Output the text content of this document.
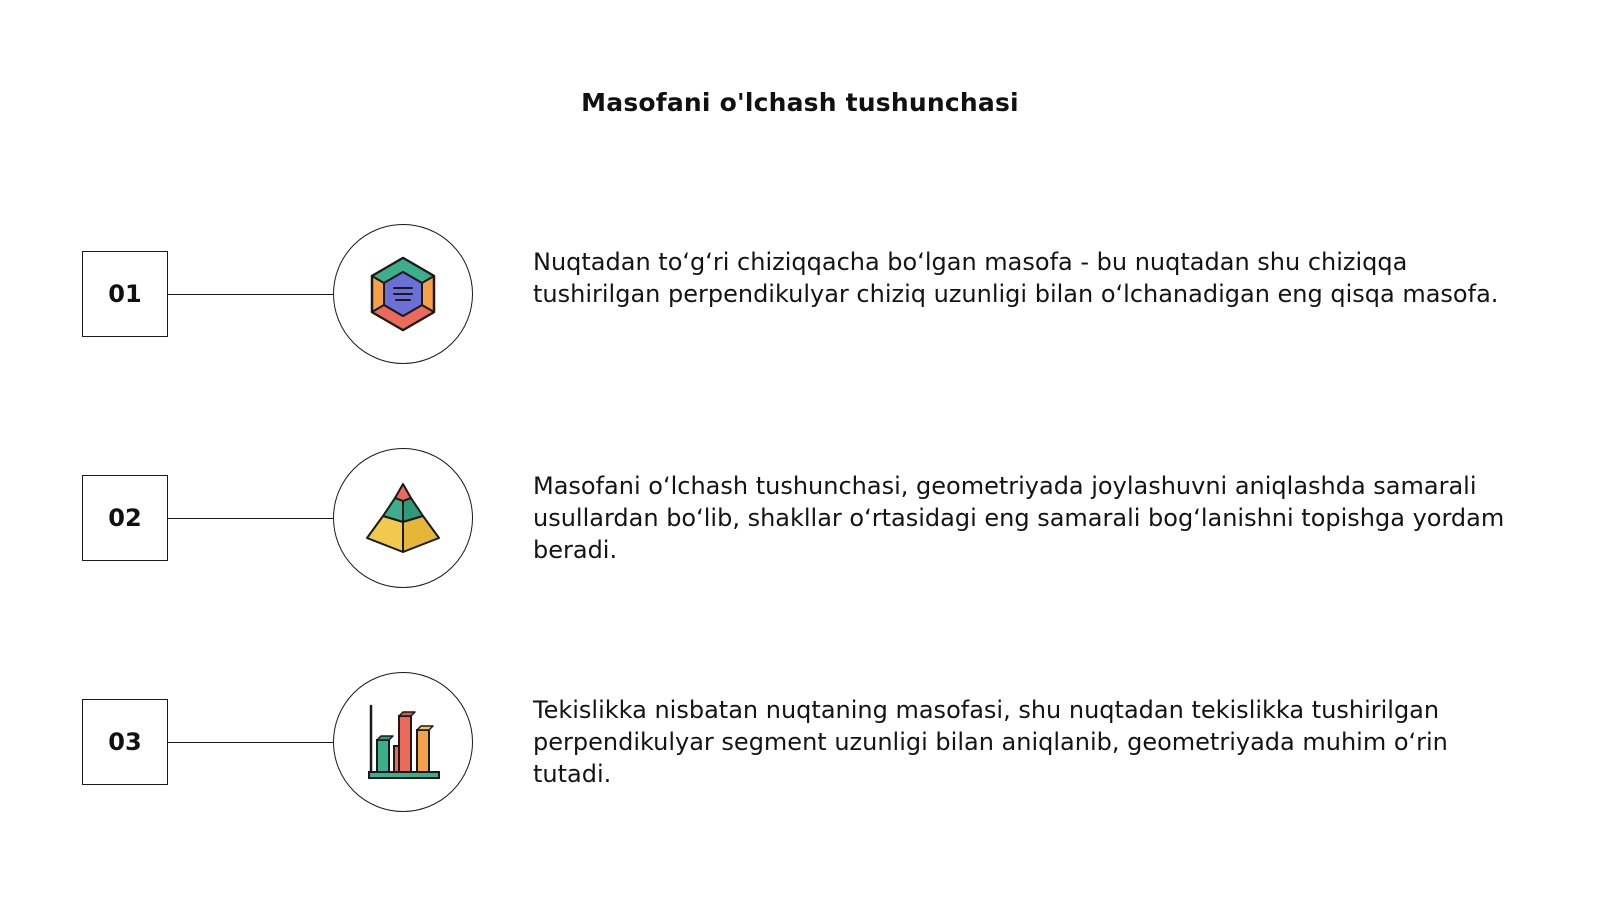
Masofani o'lchash tushunchasi
01
Nuqtadan to‘g‘ri chiziqqacha bo‘lgan masofa - bu nuqtadan shu chiziqqa tushirilgan perpendikulyar chiziq uzunligi bilan o‘lchanadigan eng qisqa masofa.
02
Masofani o‘lchash tushunchasi, geometriyada joylashuvni aniqlashda samarali usullardan bo‘lib, shakllar o‘rtasidagi eng samarali bog‘lanishni topishga yordam beradi.
03
Tekislikka nisbatan nuqtaning masofasi, shu nuqtadan tekislikka tushirilgan perpendikulyar segment uzunligi bilan aniqlanib, geometriyada muhim o‘rin tutadi.
